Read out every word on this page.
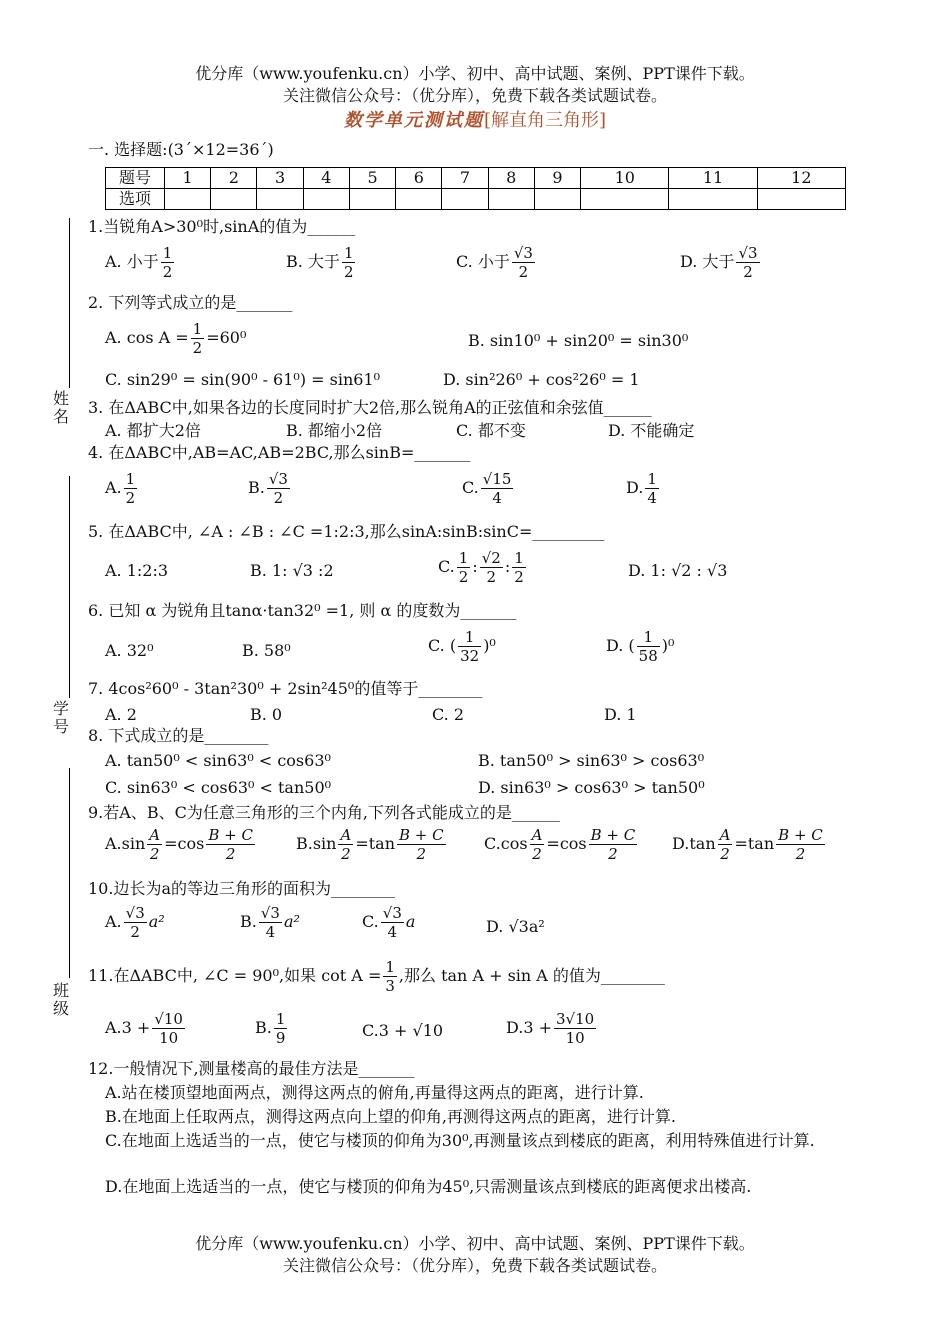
优分库（www.youfenku.cn）小学、初中、高中试题、案例、PPT课件下载。
关注微信公众号：（优分库），免费下载各类试题试卷。
数学单元测试题[解直角三角形]
一. 选择题:(3´×12=36´)
题号	1	2	3	4	5	6	7	8	9	10	11	12
选项												
姓名
学号
班级
1.当锐角A>30⁰时,sinA的值为______
A. 小于 $\frac{1}{2}$	B. 大于 $\frac{1}{2}$	C. 小于 $\frac{√3}{2}$	D. 大于 $\frac{√3}{2}$
2. 下列等式成立的是_______
A. $\cos A = \frac{1}{2} =60^0$	B. sin10⁰ + sin20⁰ = sin30⁰
C. sin29⁰ = sin(90⁰ - 61⁰) = sin61⁰	D. sin²26⁰ + cos²26⁰ = 1
3. 在ΔABC中,如果各边的长度同时扩大2倍,那么锐角A的正弦值和余弦值______
A. 都扩大2倍	B. 都缩小2倍	C. 都不变	D. 不能确定
4. 在ΔABC中,AB=AC,AB=2BC,那么sinB=_______
A. $\frac{1}{2}$	B. $\frac{√3}{2}$	C. $\frac{√15}{4}$	D. $\frac{1}{4}$
5. 在ΔABC中, ∠A : ∠B : ∠C =1:2:3,那么sinA:sinB:sinC=_________
A. 1:2:3	B. 1: √3 :2	C. $\frac{1}{2}$ : $\frac{√2}{2}$ : $\frac{1}{2}$	D. 1: √2 : √3
6. 已知 α 为锐角且tanα·tan32⁰ =1, 则 α 的度数为_______
A. 32⁰	B. 58⁰	C. ( $\frac{1}{32} )^0$	D. ( $\frac{1}{58} )^0$
7. 4cos²60⁰ - 3tan²30⁰ + 2sin²45⁰的值等于________
A. 2	B. 0	C. 2	D. 1
8. 下式成立的是________
A. tan50⁰ < sin63⁰ < cos63⁰	B. tan50⁰ > sin63⁰ > cos63⁰
C. sin63⁰ < cos63⁰ < tan50⁰	D. sin63⁰ > cos63⁰ > tan50⁰
9.若A、B、C为任意三角形的三个内角,下列各式能成立的是______
$A.\sin \frac{A}{2} =\cos \frac{B + C}{2}$	$B.\sin \frac{A}{2} =\tan \frac{B + C}{2} C.\cos \frac{A}{2} =\cos \frac{B + C}{2} D.\tan \frac{A}{2} =\tan \frac{B + C}{2}$
10.边长为a的等边三角形的面积为________
A. $\frac{√3}{2} a^2$	B. $\frac{√3}{4} a^2$	C. $\frac{√3}{4}$ a	D. √3a²
11.在ΔABC中, ∠C = 90⁰,如果 $\cot A = \frac{1}{3}$ ,那么 tan A + sin A 的值为________
$A.3 + \frac{√10}{10}$	B. $\frac{1}{9}$	C.3 + √10	$D.3 + \frac{3√10}{10}$
12.一般情况下,测量楼高的最佳方法是_______
A.站在楼顶望地面两点，测得这两点的俯角,再量得这两点的距离，进行计算.
B.在地面上任取两点，测得这两点向上望的仰角,再测得这两点的距离，进行计算.
C.在地面上选适当的一点，使它与楼顶的仰角为30⁰,再测量该点到楼底的距离，利用特殊值进行计算.
D.在地面上选适当的一点，使它与楼顶的仰角为45⁰,只需测量该点到楼底的距离便求出楼高.
优分库（www.youfenku.cn）小学、初中、高中试题、案例、PPT课件下载。
关注微信公众号：（优分库），免费下载各类试题试卷。
